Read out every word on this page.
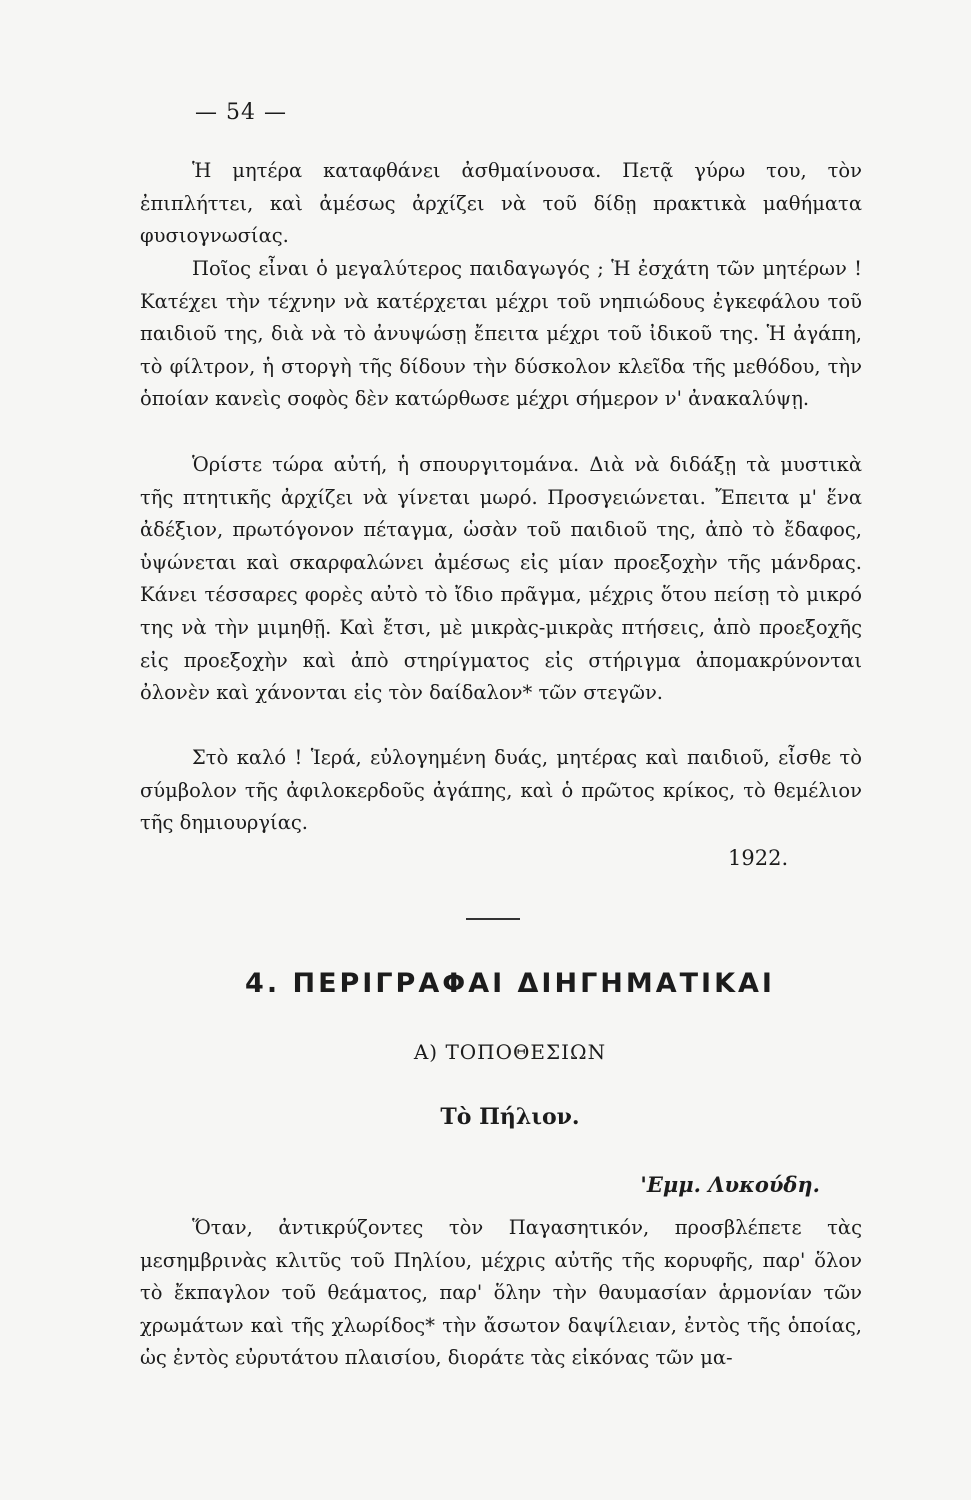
— 54 —

Ἡ μητέρα καταφθάνει ἀσθμαίνουσα. Πετᾷ γύρω του, τὸν ἐπιπλήττει, καὶ ἀμέσως ἀρχίζει νὰ τοῦ δίδῃ πρακτικὰ μαθήματα φυσιογνωσίας.

Ποῖος εἶναι ὁ μεγαλύτερος παιδαγωγός ; Ἡ ἐσχάτη τῶν μητέρων ! Κατέχει τὴν τέχνην νὰ κατέρχεται μέχρι τοῦ νηπιώδους ἐγκεφάλου τοῦ παιδιοῦ της, διὰ νὰ τὸ ἀνυψώσῃ ἔπειτα μέχρι τοῦ ἰδικοῦ της. Ἡ ἀγάπη, τὸ φίλτρον, ἡ στοργὴ τῆς δίδουν τὴν δύσκολον κλεῖδα τῆς μεθόδου, τὴν ὁποίαν κανεὶς σοφὸς δὲν κατώρθωσε μέχρι σήμερον ν' ἀνακαλύψῃ.

Ὁρίστε τώρα αὐτή, ἡ σπουργιτομάνα. Διὰ νὰ διδάξῃ τὰ μυστικὰ τῆς πτητικῆς ἀρχίζει νὰ γίνεται μωρό. Προσγειώνεται. Ἔπειτα μ' ἕνα ἀδέξιον, πρωτόγονον πέταγμα, ὡσὰν τοῦ παιδιοῦ της, ἀπὸ τὸ ἔδαφος, ὑψώνεται καὶ σκαρφαλώνει ἀμέσως εἰς μίαν προεξοχὴν τῆς μάνδρας. Κάνει τέσσαρες φορὲς αὐτὸ τὸ ἴδιο πρᾶγμα, μέχρις ὅτου πείσῃ τὸ μικρό της νὰ τὴν μιμηθῇ. Καὶ ἔτσι, μὲ μικρὰς-μικρὰς πτήσεις, ἀπὸ προεξοχῆς εἰς προεξοχὴν καὶ ἀπὸ στηρίγματος εἰς στήριγμα ἀπομακρύνονται ὀλονὲν καὶ χάνονται εἰς τὸν δαίδαλον* τῶν στεγῶν.

Στὸ καλό ! Ἱερά, εὐλογημένη δυάς, μητέρας καὶ παιδιοῦ, εἶσθε τὸ σύμβολον τῆς ἀφιλοκερδοῦς ἀγάπης, καὶ ὁ πρῶτος κρίκος, τὸ θεμέλιον τῆς δημιουργίας.

1922.
4. ΠΕΡΙΓΡΑΦΑΙ ΔΙΗΓΗΜΑΤΙΚΑΙ
Α) ΤΟΠΟΘΕΣΙΩΝ
Τὸ Πήλιον.
'Εμμ. Λυκούδη.

Ὅταν, ἀντικρύζοντες τὸν Παγασητικόν, προσβλέπετε τὰς μεσημβρινὰς κλιτῦς τοῦ Πηλίου, μέχρις αὐτῆς τῆς κορυφῆς, παρ' ὅλον τὸ ἔκπαγλον τοῦ θεάματος, παρ' ὅλην τὴν θαυμασίαν ἁρμονίαν τῶν χρωμάτων καὶ τῆς χλωρίδος* τὴν ἄσωτον δαψίλειαν, ἐντὸς τῆς ὁποίας, ὡς ἐντὸς εὐρυτάτου πλαισίου, διοράτε τὰς εἰκόνας τῶν μα-
